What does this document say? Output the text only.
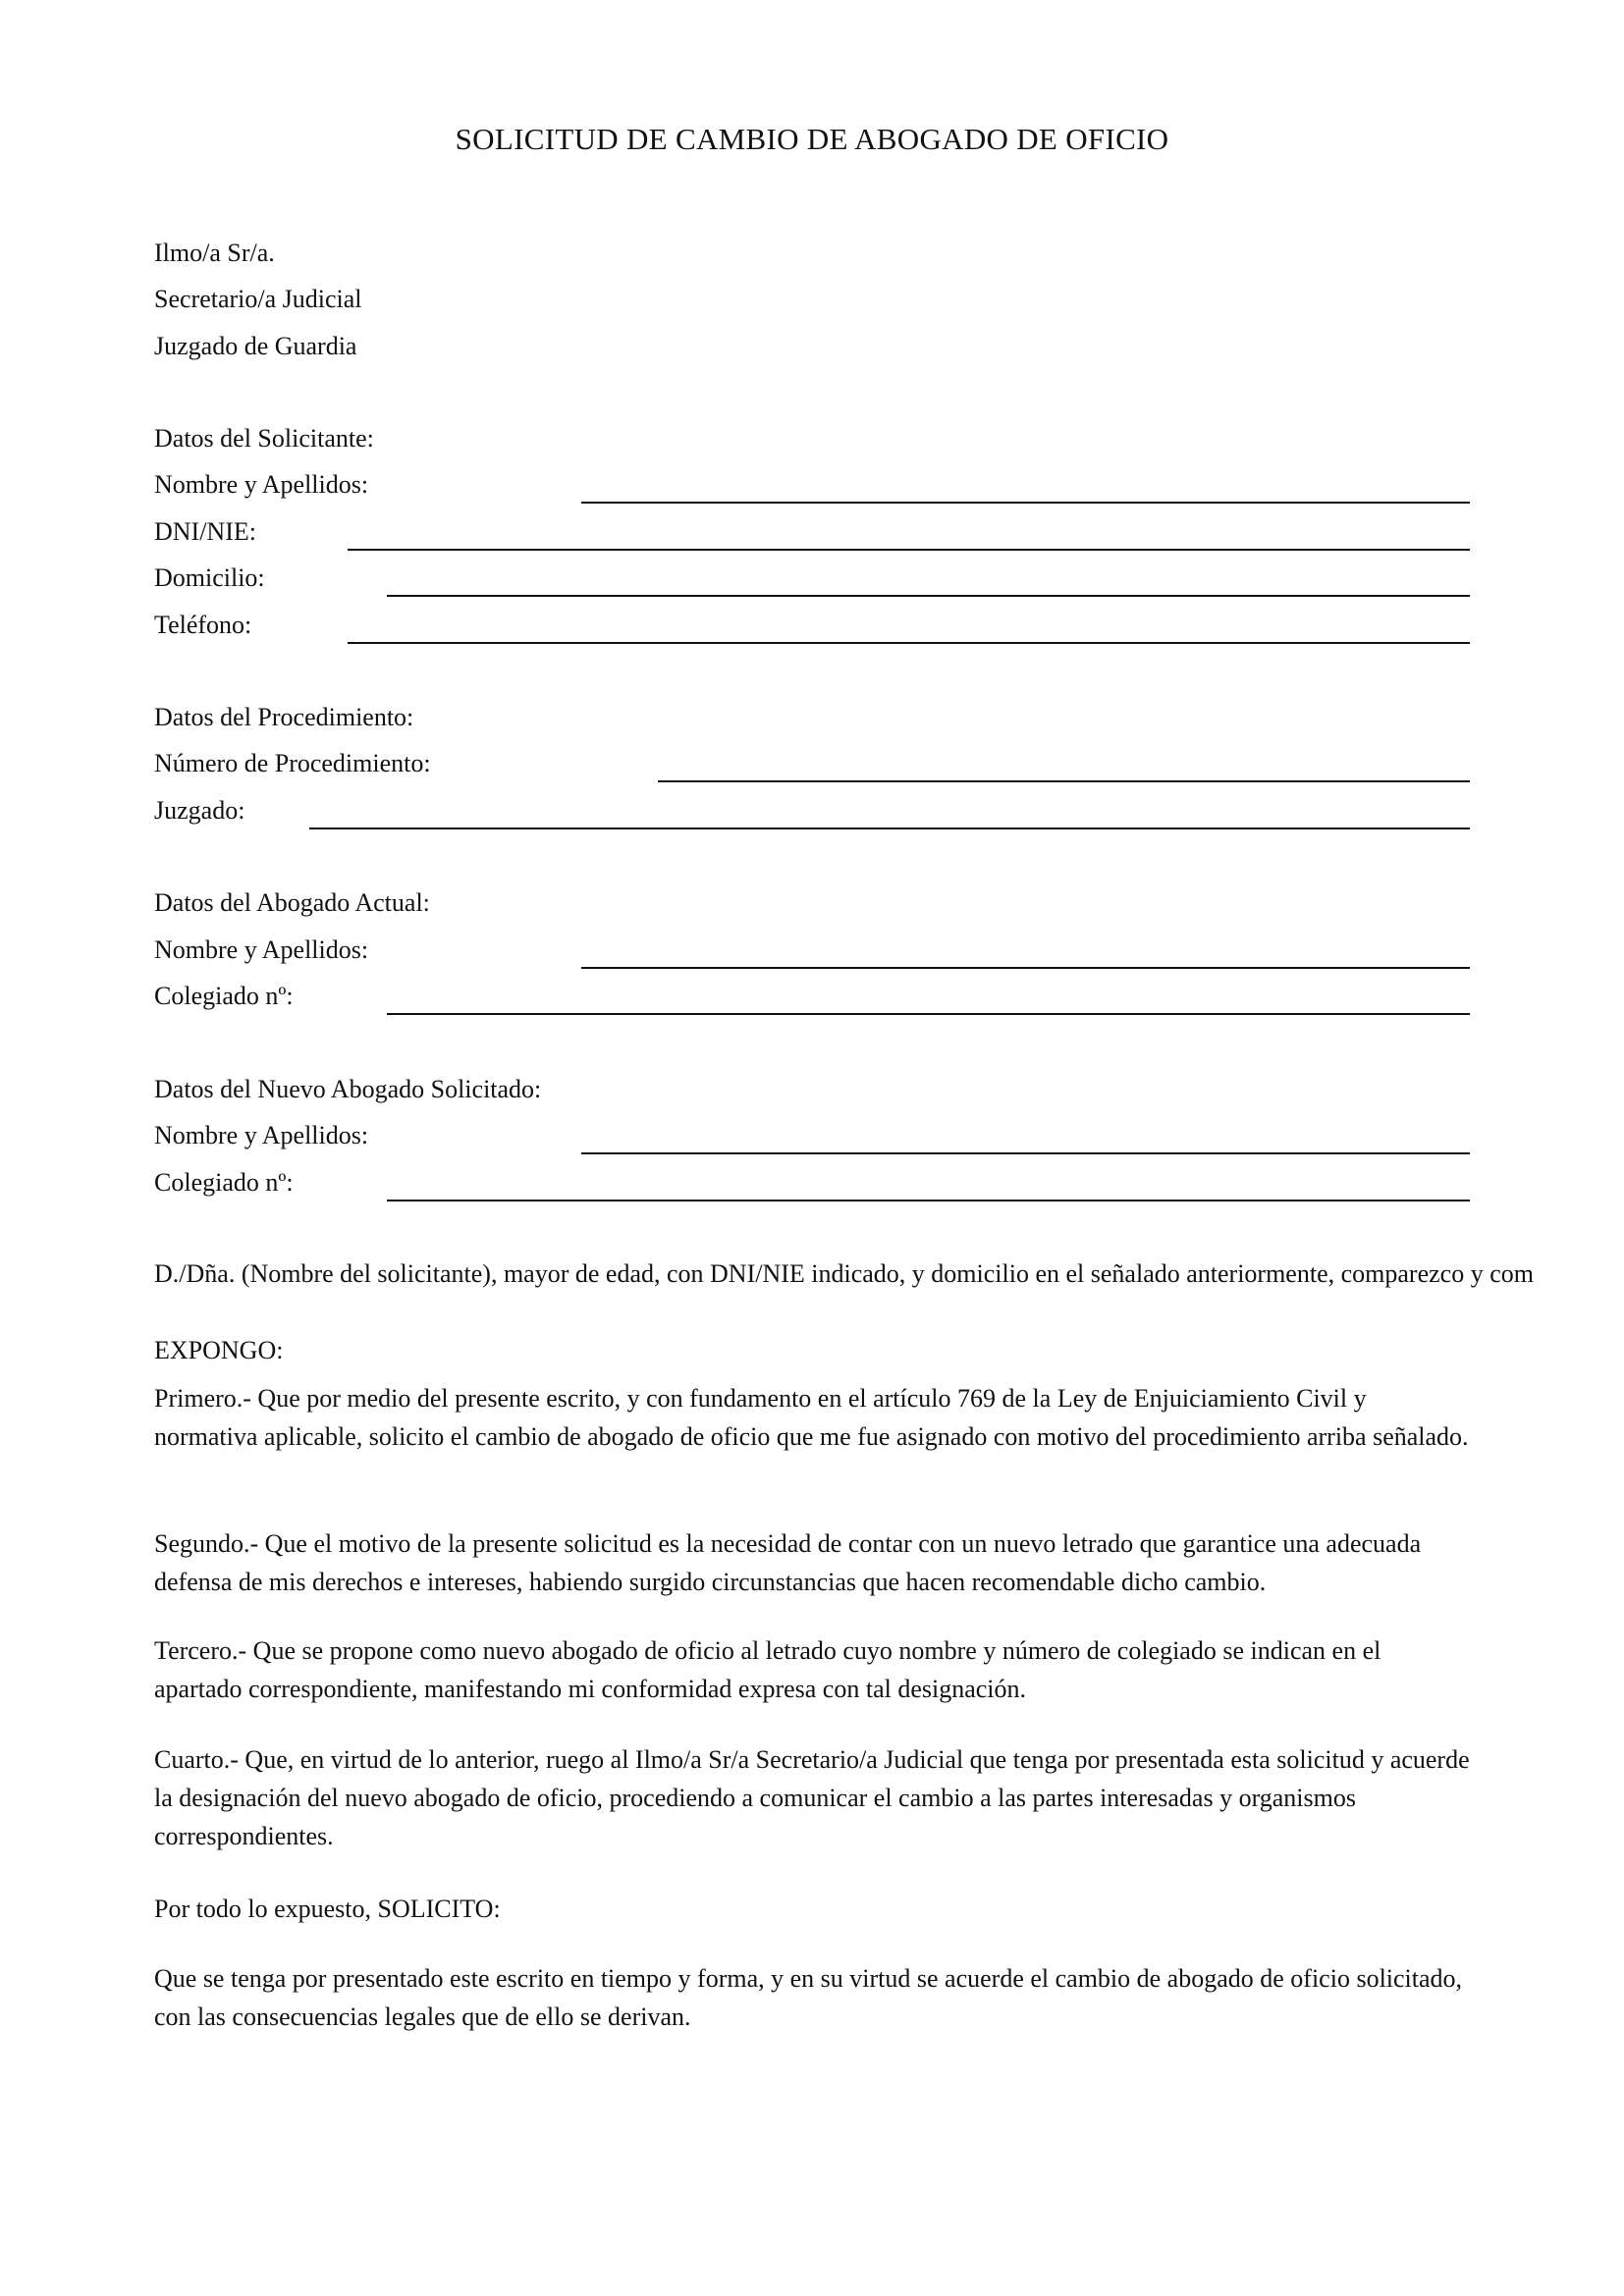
SOLICITUD DE CAMBIO DE ABOGADO DE OFICIO
Ilmo/a Sr/a.
Secretario/a Judicial
Juzgado de Guardia
Datos del Solicitante:
Nombre y Apellidos:
DNI/NIE:
Domicilio:
Teléfono:
Datos del Procedimiento:
Número de Procedimiento:
Juzgado:
Datos del Abogado Actual:
Nombre y Apellidos:
Colegiado nº:
Datos del Nuevo Abogado Solicitado:
Nombre y Apellidos:
Colegiado nº:
D./Dña. (Nombre del solicitante), mayor de edad, con DNI/NIE indicado, y domicilio en el señalado anteriormente, comparezco y com
EXPONGO:
Primero.- Que por medio del presente escrito, y con fundamento en el artículo 769 de la Ley de Enjuiciamiento Civil y normativa aplicable, solicito el cambio de abogado de oficio que me fue asignado con motivo del procedimiento arriba señalado.
Segundo.- Que el motivo de la presente solicitud es la necesidad de contar con un nuevo letrado que garantice una adecuada defensa de mis derechos e intereses, habiendo surgido circunstancias que hacen recomendable dicho cambio.
Tercero.- Que se propone como nuevo abogado de oficio al letrado cuyo nombre y número de colegiado se indican en el apartado correspondiente, manifestando mi conformidad expresa con tal designación.
Cuarto.- Que, en virtud de lo anterior, ruego al Ilmo/a Sr/a Secretario/a Judicial que tenga por presentada esta solicitud y acuerde la designación del nuevo abogado de oficio, procediendo a comunicar el cambio a las partes interesadas y organismos correspondientes.
Por todo lo expuesto, SOLICITO:
Que se tenga por presentado este escrito en tiempo y forma, y en su virtud se acuerde el cambio de abogado de oficio solicitado, con las consecuencias legales que de ello se derivan.
